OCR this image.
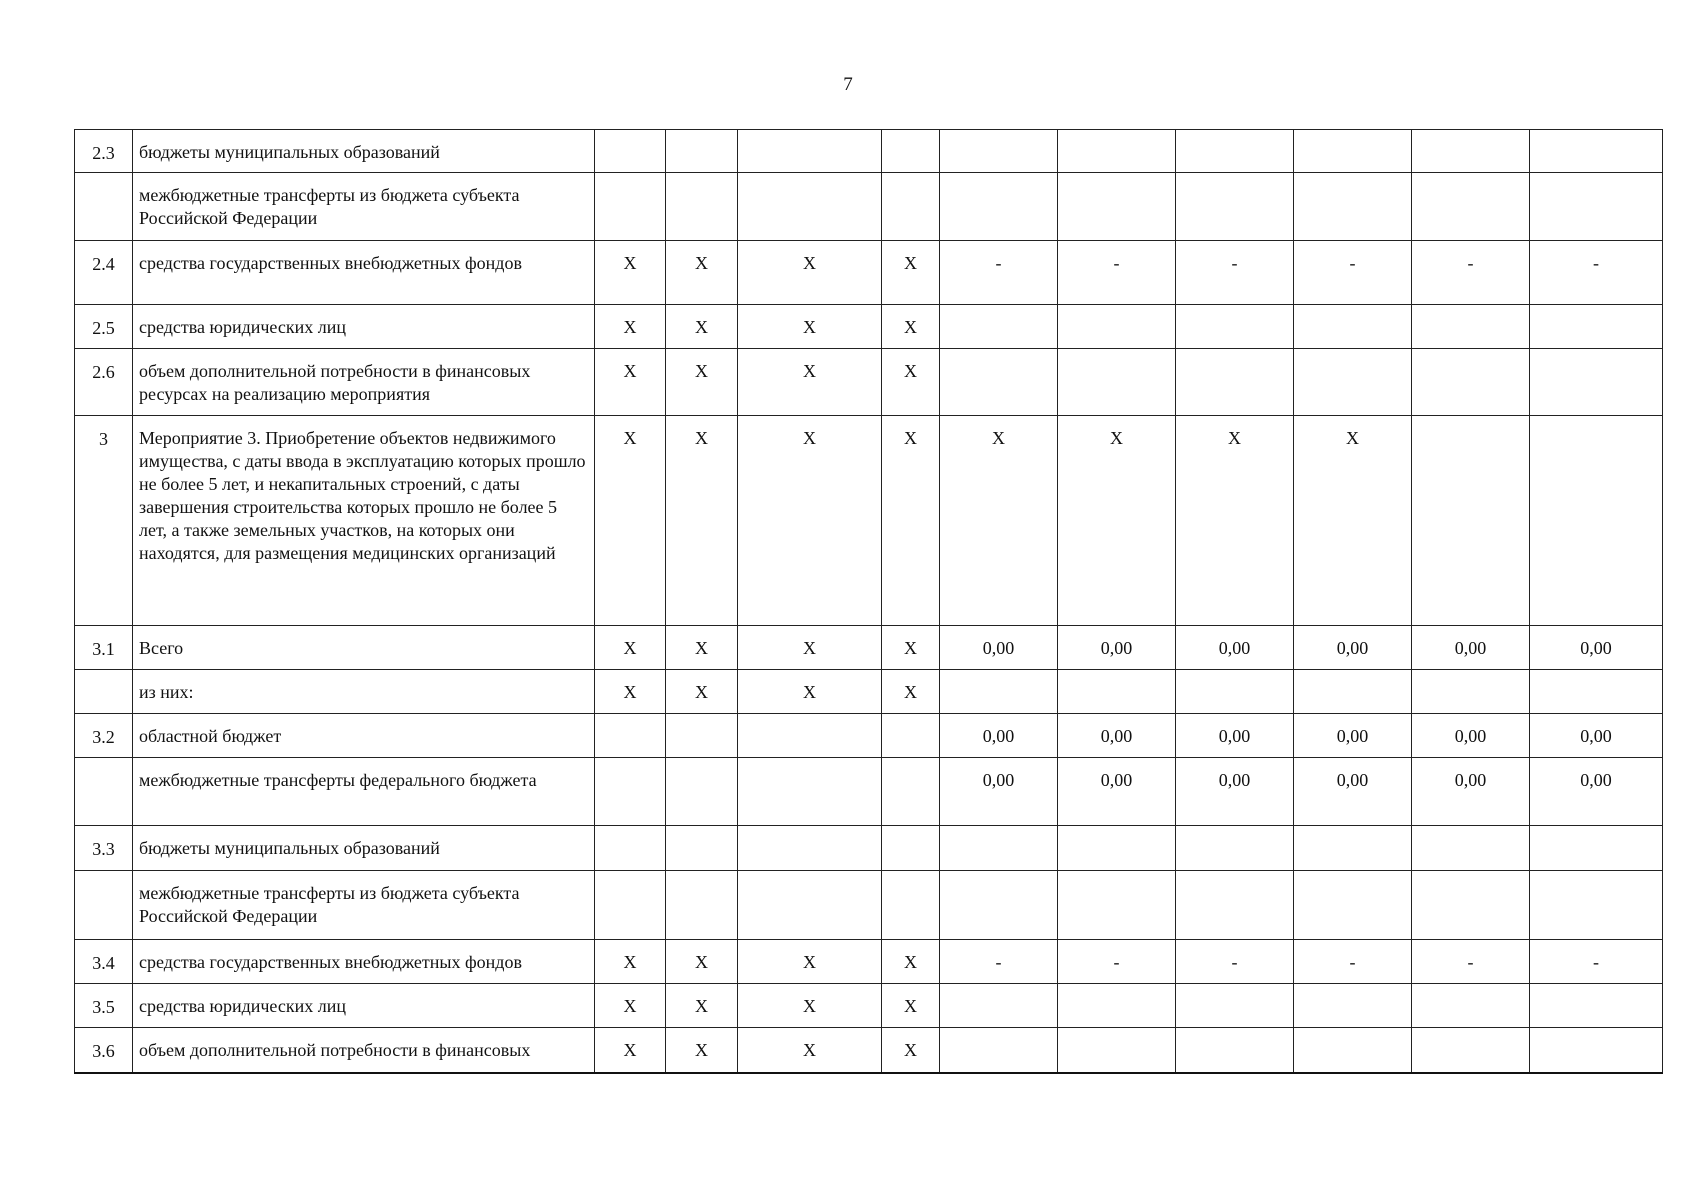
7
2.3	бюджеты муниципальных образований										
	межбюджетные трансферты из бюджета субъекта Российской Федерации										
2.4	средства государственных внебюджетных фондов	X	X	X	X	-	-	-	-	-	-
2.5	средства юридических лиц	X	X	X	X						
2.6	объем дополнительной потребности в финансовых ресурсах на реализацию мероприятия	X	X	X	X						
3	Мероприятие 3. Приобретение объектов недвижимого имущества, с даты ввода в эксплуатацию которых прошло не более 5 лет, и некапитальных строений, с даты завершения строительства которых прошло не более 5 лет, а также земельных участков, на которых они находятся, для размещения медицинских организаций	X	X	X	X	X	X	X	X		
3.1	Всего	X	X	X	X	0,00	0,00	0,00	0,00	0,00	0,00
	из них:	X	X	X	X						
3.2	областной бюджет					0,00	0,00	0,00	0,00	0,00	0,00
	межбюджетные трансферты федерального бюджета					0,00	0,00	0,00	0,00	0,00	0,00
3.3	бюджеты муниципальных образований										
	межбюджетные трансферты из бюджета субъекта Российской Федерации										
3.4	средства государственных внебюджетных фондов	X	X	X	X	-	-	-	-	-	-
3.5	средства юридических лиц	X	X	X	X						
3.6	объем дополнительной потребности в финансовых	X	X	X	X						
